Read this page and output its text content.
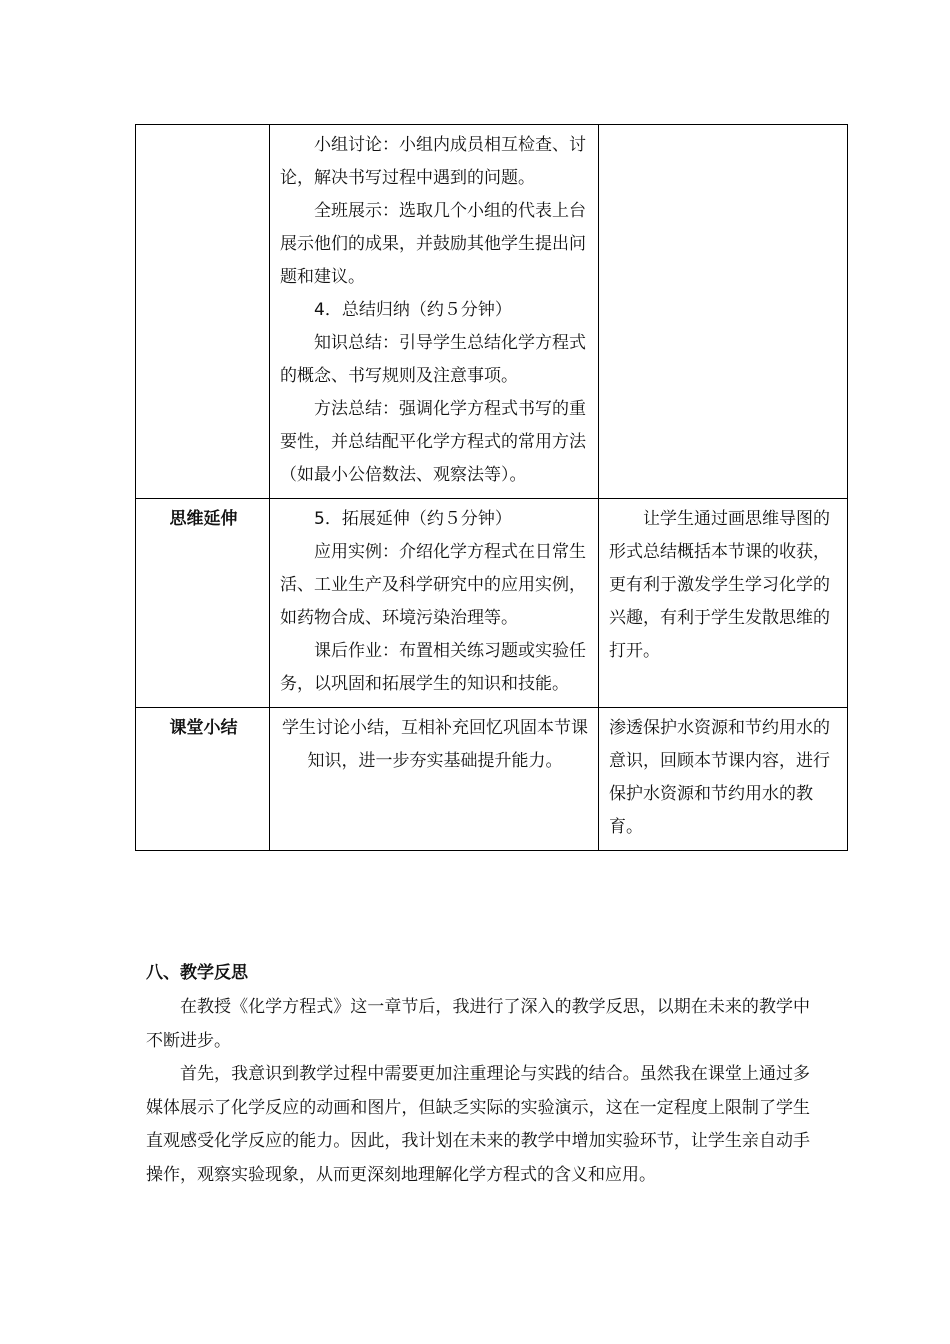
	小组讨论：小组内成员相互检查、讨论，解决书写过程中遇到的问题。

全班展示：选取几个小组的代表上台展示他们的成果，并鼓励其他学生提出问题和建议。

4．总结归纳（约５分钟）

知识总结：引导学生总结化学方程式的概念、书写规则及注意事项。

方法总结：强调化学方程式书写的重要性，并总结配平化学方程式的常用方法（如最小公倍数法、观察法等）。	

思维延伸	5．拓展延伸（约５分钟）

应用实例：介绍化学方程式在日常生活、工业生产及科学研究中的应用实例，如药物合成、环境污染治理等。

课后作业：布置相关练习题或实验任务，以巩固和拓展学生的知识和技能。	让学生通过画思维导图的形式总结概括本节课的收获，更有利于激发学生学习化学的兴趣，有利于学生发散思维的打开。

课堂小结	学生讨论小结，互相补充回忆巩固本节课知识，进一步夯实基础提升能力。	渗透保护水资源和节约用水的意识，回顾本节课内容，进行保护水资源和节约用水的教育。

八、教学反思

在教授《化学方程式》这一章节后，我进行了深入的教学反思，以期在未来的教学中不断进步。

首先，我意识到教学过程中需要更加注重理论与实践的结合。虽然我在课堂上通过多媒体展示了化学反应的动画和图片，但缺乏实际的实验演示，这在一定程度上限制了学生直观感受化学反应的能力。因此，我计划在未来的教学中增加实验环节，让学生亲自动手操作，观察实验现象，从而更深刻地理解化学方程式的含义和应用。
